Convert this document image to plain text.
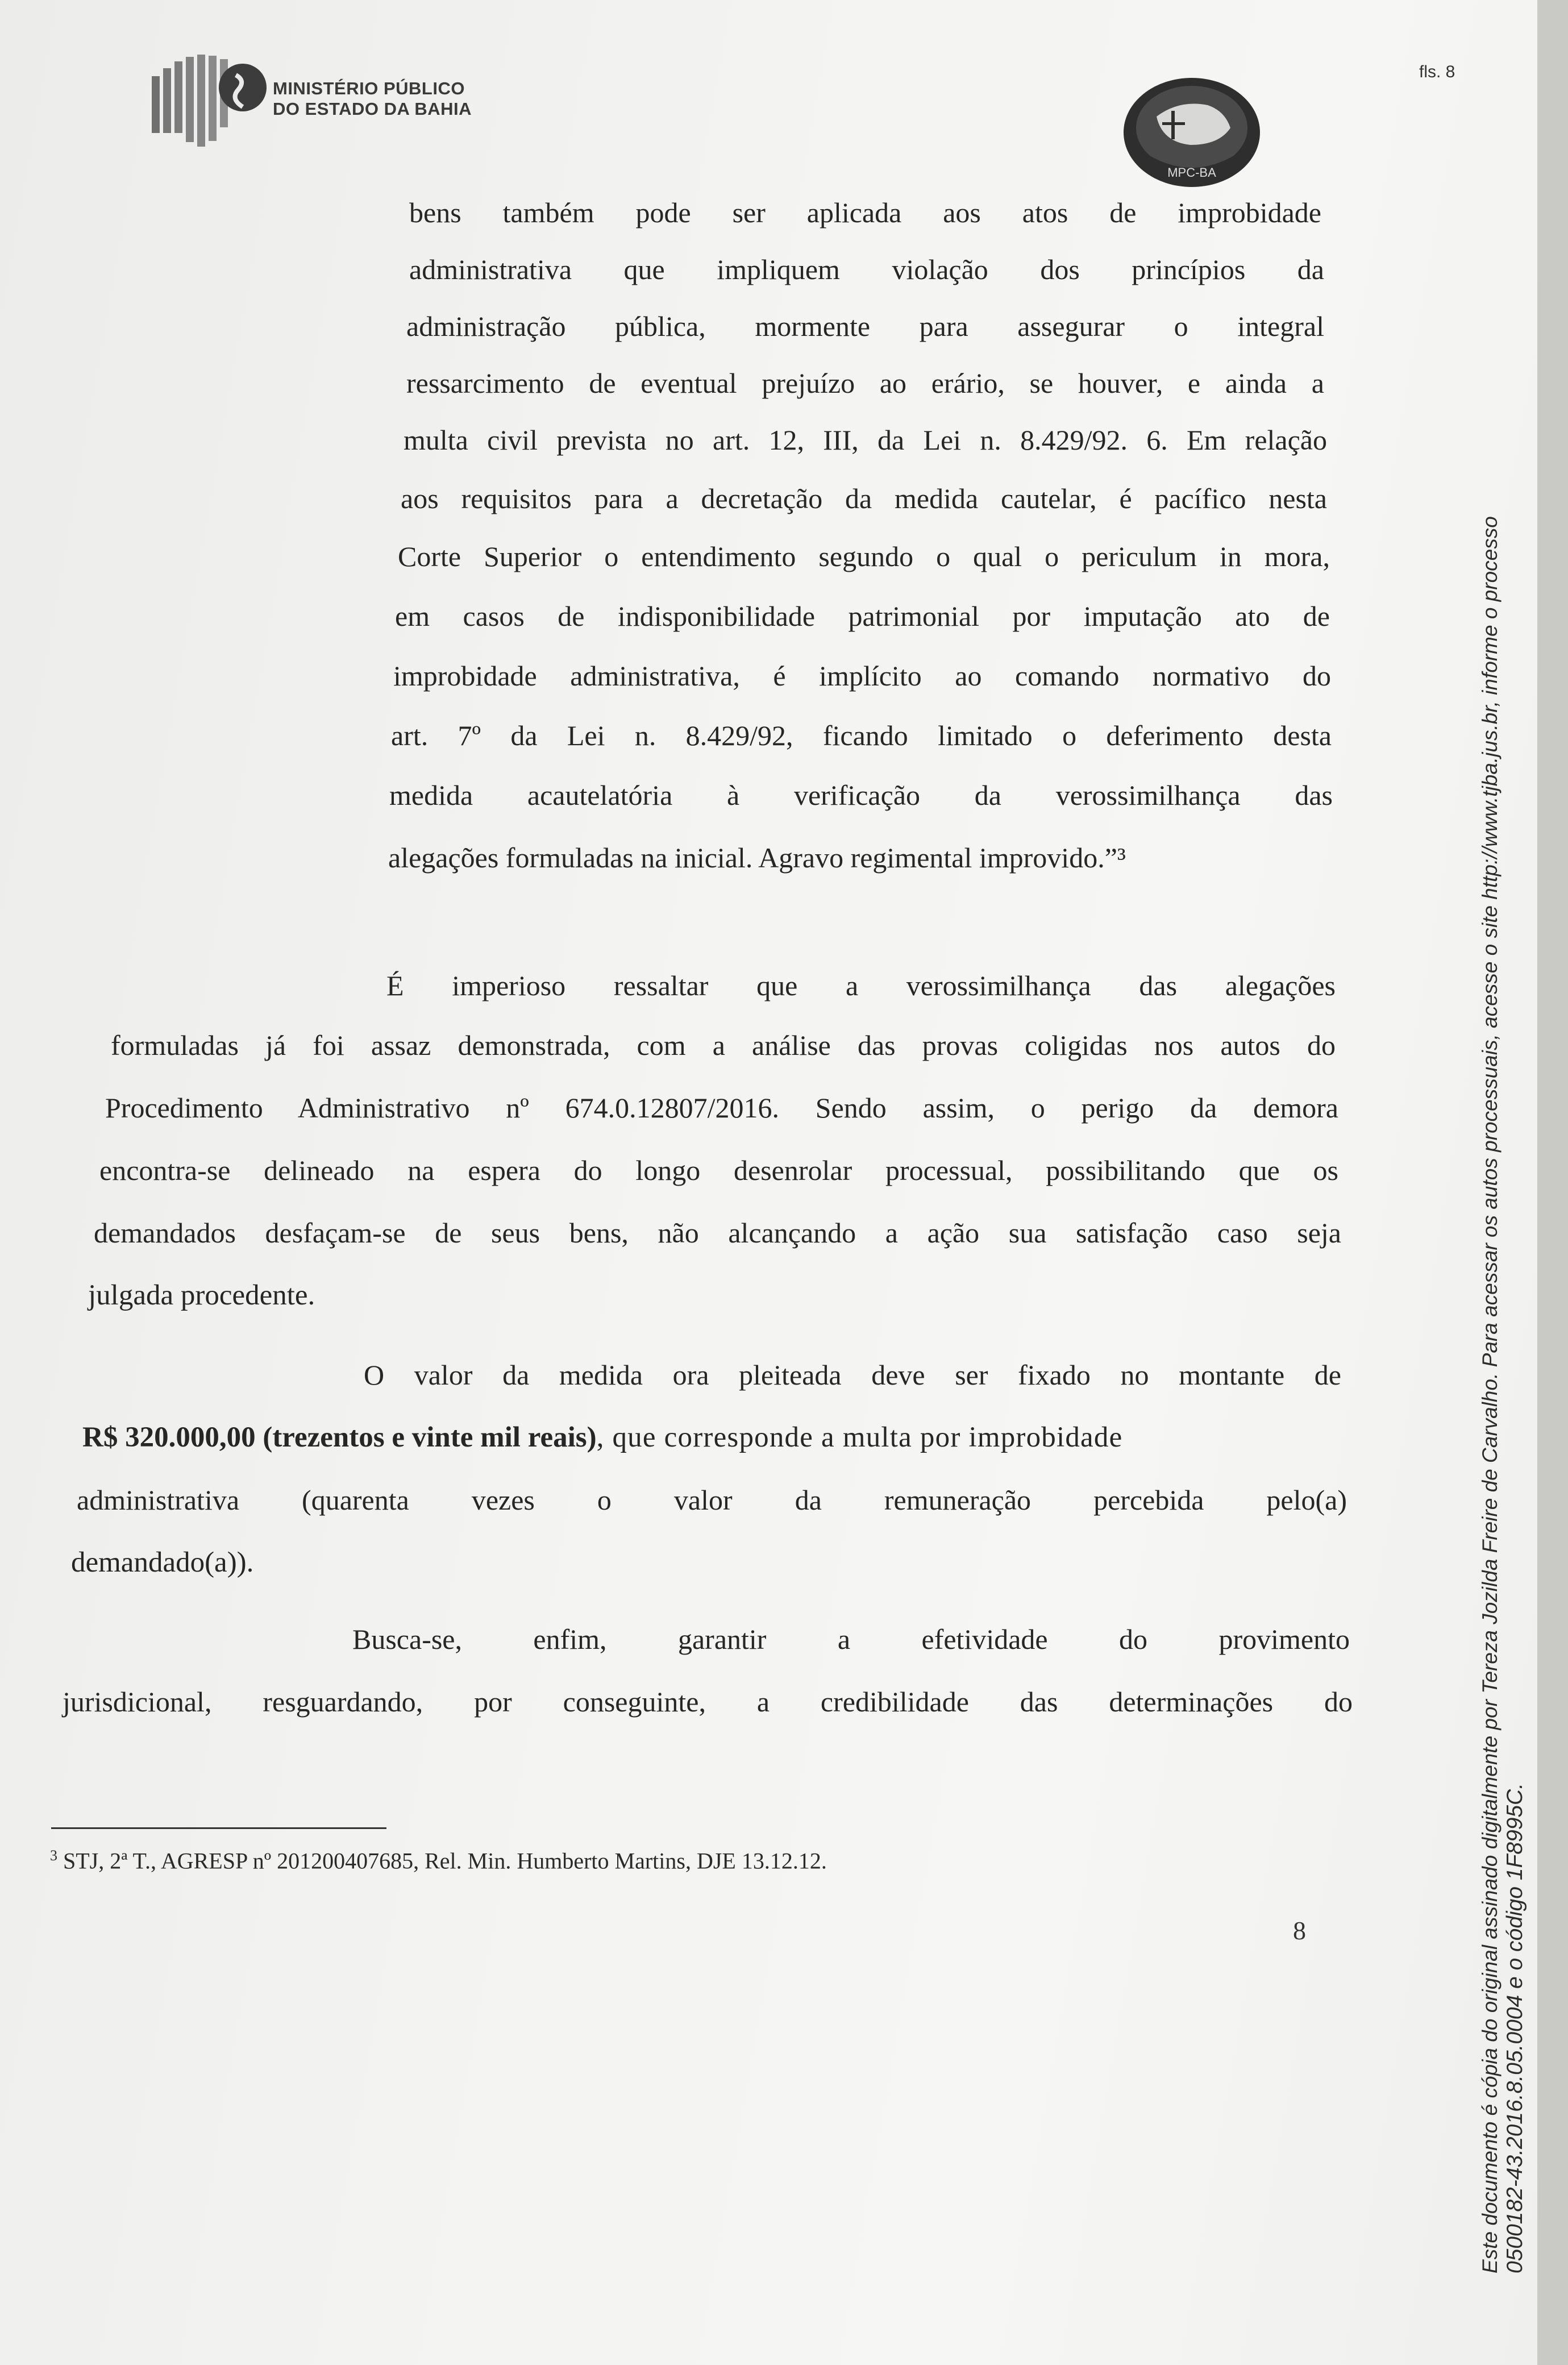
MINISTÉRIO PÚBLICO
DO ESTADO DA BAHIA
fls. 8
MPC-BA
bens também pode ser aplicada aos atos de improbidade
administrativa que impliquem violação dos princípios da
administração pública, mormente para assegurar o integral
ressarcimento de eventual prejuízo ao erário, se houver, e ainda a
multa civil prevista no art. 12, III, da Lei n. 8.429/92. 6. Em relação
aos requisitos para a decretação da medida cautelar, é pacífico nesta
Corte Superior o entendimento segundo o qual o periculum in mora,
em casos de indisponibilidade patrimonial por imputação ato de
improbidade administrativa, é implícito ao comando normativo do
art. 7º da Lei n. 8.429/92, ficando limitado o deferimento desta
medida acautelatória à verificação da verossimilhança das
alegações formuladas na inicial. Agravo regimental improvido.”³
É imperioso ressaltar que a verossimilhança das alegações
formuladas já foi assaz demonstrada, com a análise das provas coligidas nos autos do
Procedimento Administrativo nº 674.0.12807/2016. Sendo assim, o perigo da demora
encontra-se delineado na espera do longo desenrolar processual, possibilitando que os
demandados desfaçam-se de seus bens, não alcançando a ação sua satisfação caso seja
julgada procedente.
O valor da medida ora pleiteada deve ser fixado no montante de
R$ 320.000,00 (trezentos e vinte mil reais), que corresponde a multa por improbidade
administrativa (quarenta vezes o valor da remuneração percebida pelo(a)
demandado(a)).
Busca-se, enfim, garantir a efetividade do provimento
jurisdicional, resguardando, por conseguinte, a credibilidade das determinações do
$^3$ STJ, 2ª T., AGRESP nº 201200407685, Rel. Min. Humberto Martins, DJE 13.12.12.
8	Este documento é cópia do original assinado digitalmente por Tereza Jozilda Freire de Carvalho. Para acessar os autos processuais, acesse o site http://www.tjba.jus.br, informe o processo 0500182-43.2016.8.05.0004 e o código 1F8995C.
